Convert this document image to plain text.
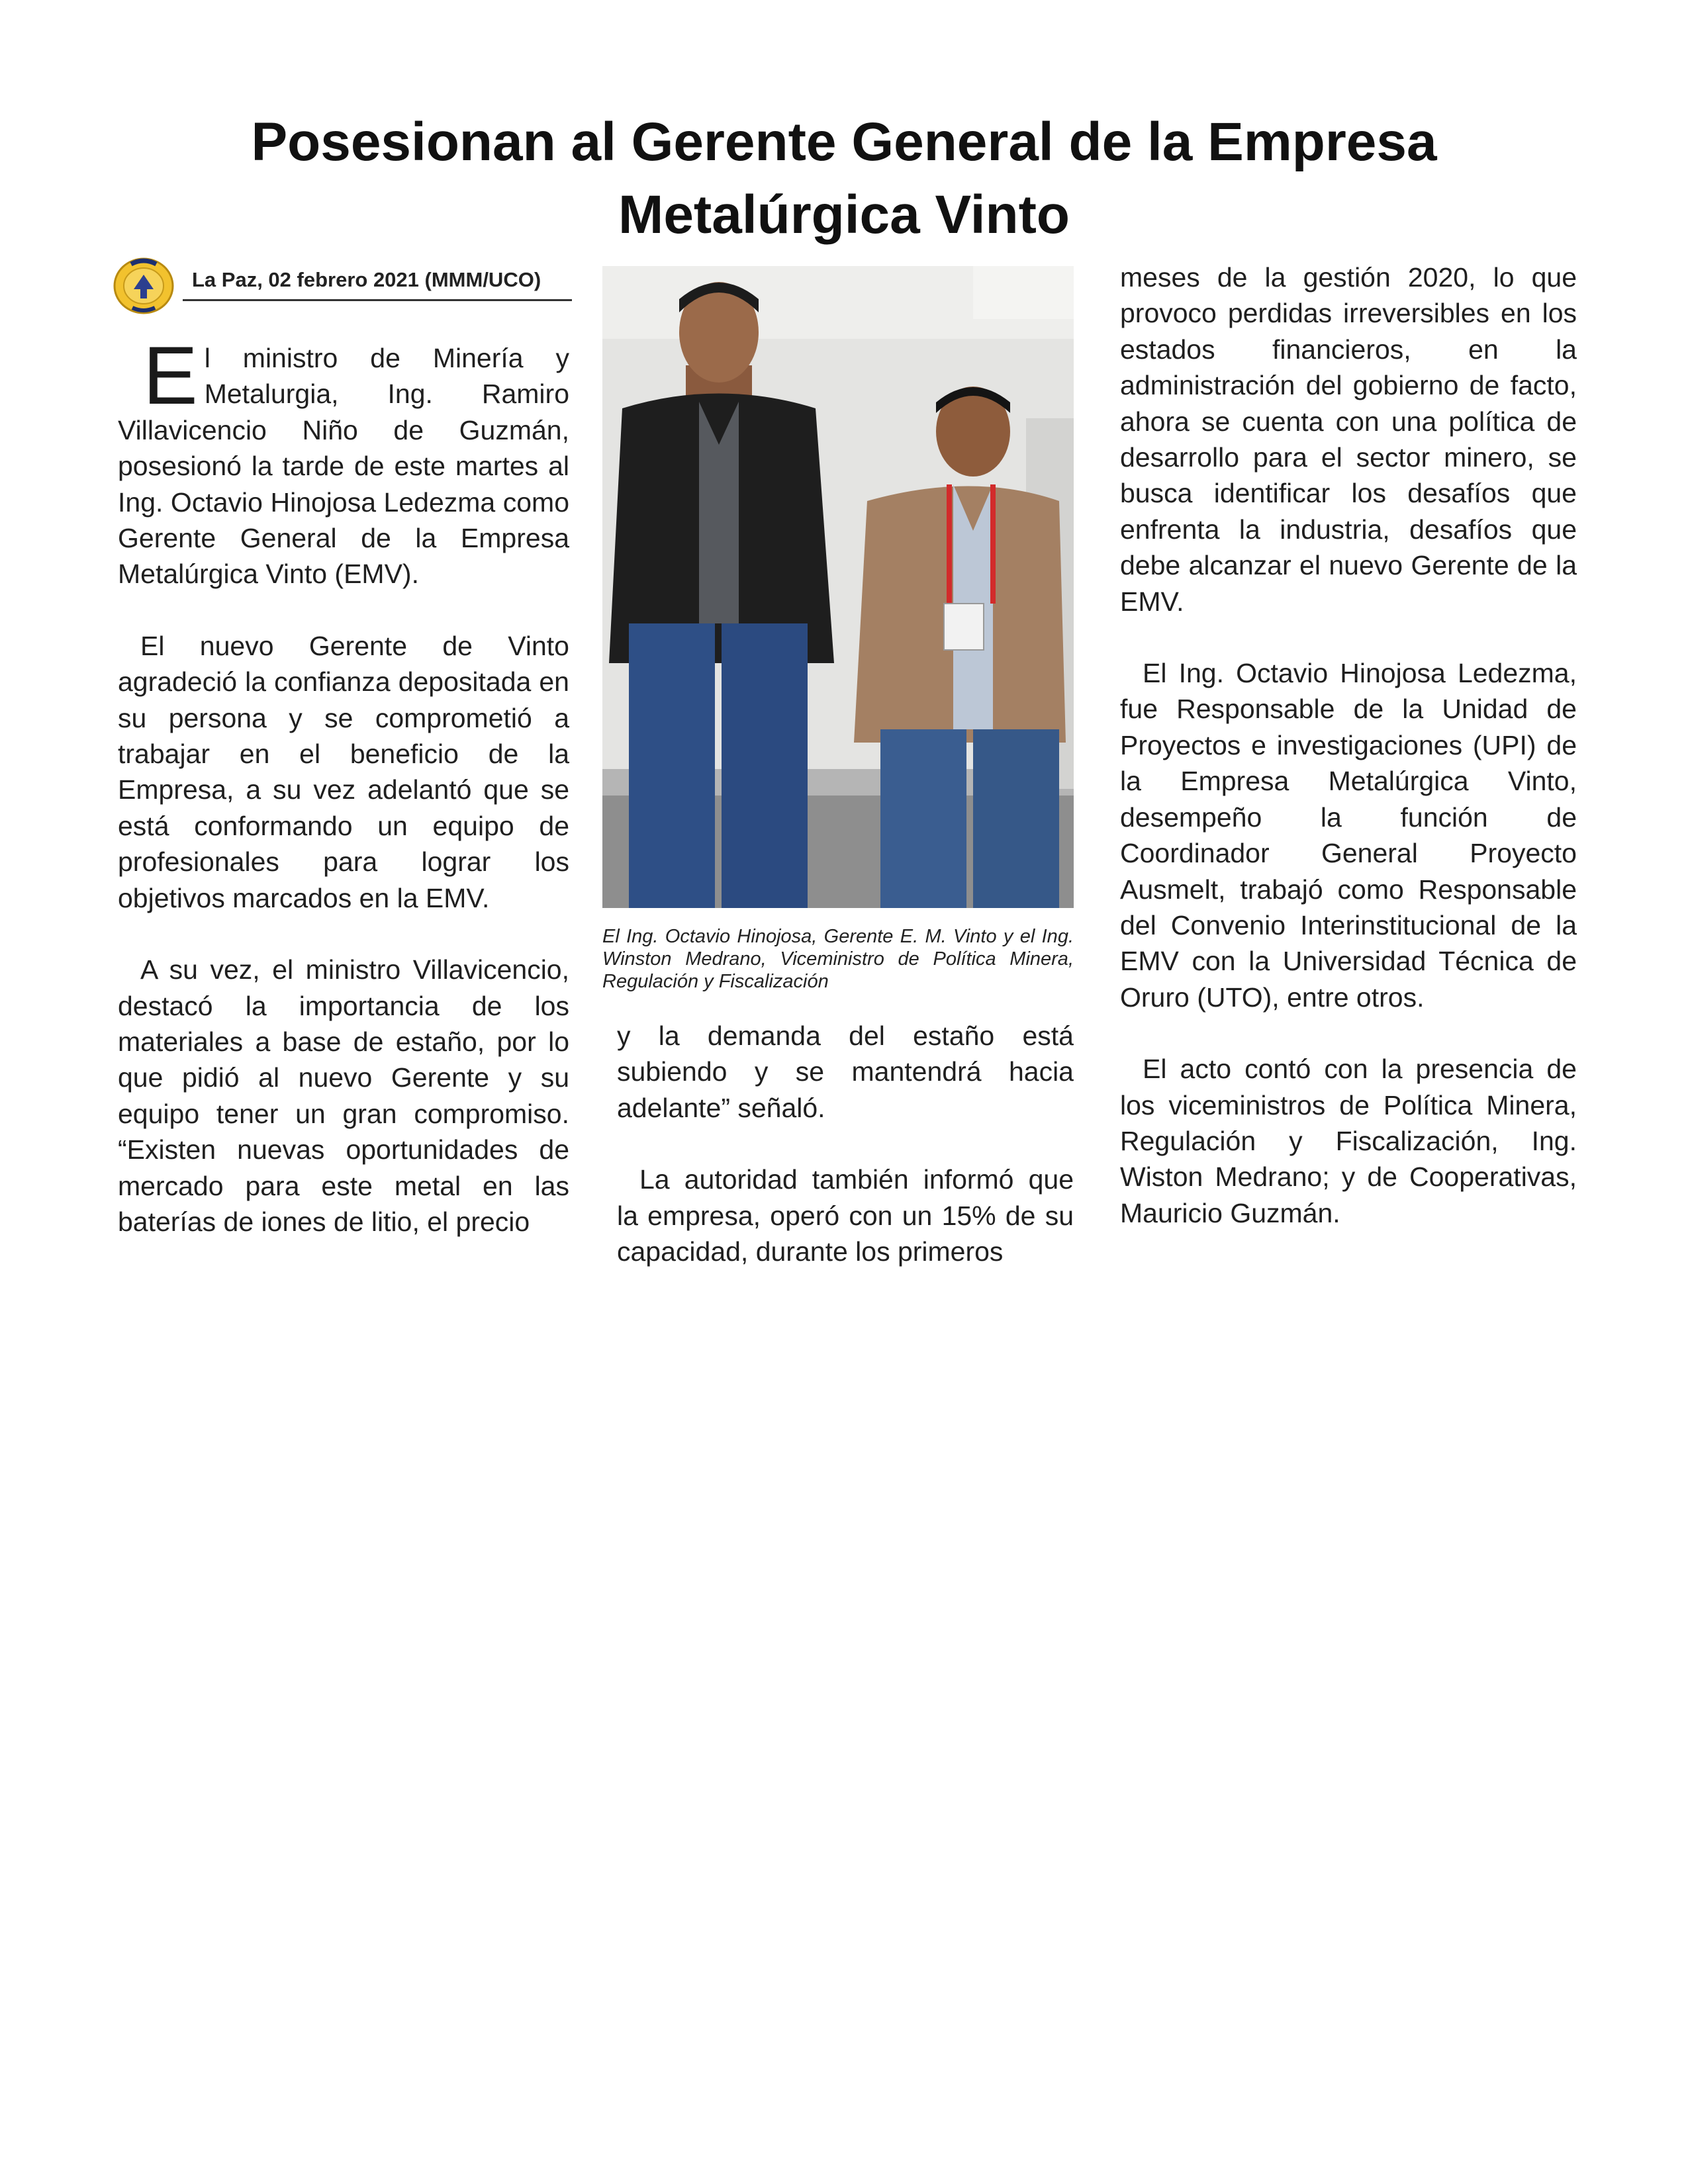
Posesionan al Gerente General de la Empresa
Metalúrgica Vinto
La Paz, 02 febrero 2021 (MMM/UCO)

El ministro de Minería y Metalurgia, Ing. Ramiro Villavicencio Niño de Guzmán, posesionó la tarde de este martes al Ing. Octavio Hinojosa Ledezma como Gerente General de la Empresa Metalúrgica Vinto (EMV).

El nuevo Gerente de Vinto agradeció la confianza depositada en su persona y se comprometió a trabajar en el beneficio de la Empresa, a su vez adelantó que se está conformando un equipo de profesionales para lograr los objetivos marcados en la EMV.

A su vez, el ministro Villavicencio, destacó la importancia de los materiales a base de estaño, por lo que pidió al nuevo Gerente y su equipo tener un gran compromiso. “Existen nuevas oportunidades de mercado para este metal en las baterías de iones de litio, el precio

El Ing. Octavio Hinojosa, Gerente E. M. Vinto y el Ing. Winston Medrano, Viceministro de Política Minera, Regulación y Fiscalización

y la demanda del estaño está subiendo y se mantendrá hacia adelante” señaló.

La autoridad también informó que la empresa, operó con un 15% de su capacidad, durante los primeros

meses de la gestión 2020, lo que provoco perdidas irreversibles en los estados financieros, en la administración del gobierno de facto, ahora se cuenta con una política de desarrollo para el sector minero, se busca identificar los desafíos que enfrenta la industria, desafíos que debe alcanzar el nuevo Gerente de la EMV.

El Ing. Octavio Hinojosa Ledezma, fue Responsable de la Unidad de Proyectos e investigaciones (UPI) de la Empresa Metalúrgica Vinto, desempeño la función de Coordinador General Proyecto Ausmelt, trabajó como Responsable del Convenio Interinstitucional de la EMV con la Universidad Técnica de Oruro (UTO), entre otros.

El acto contó con la presencia de los viceministros de Política Minera, Regulación y Fiscalización, Ing. Wiston Medrano; y de Cooperativas, Mauricio Guzmán.
